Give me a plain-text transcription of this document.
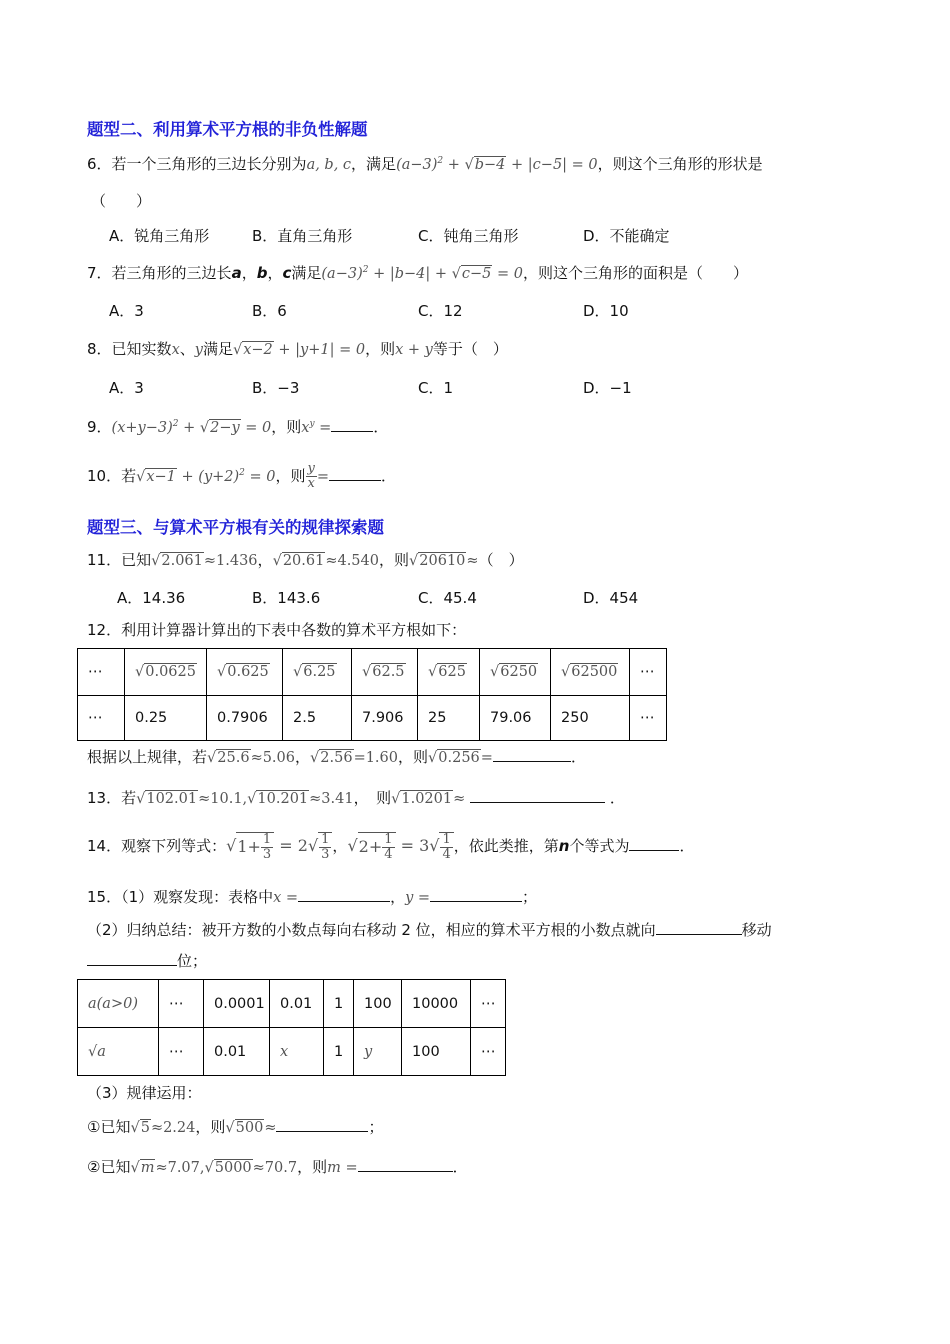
题型二、利用算术平方根的非负性解题
6．若一个三角形的三边长分别为a, b, c，满足$(a-3)^2 + √b-4 + |c-5| = 0$，则这个三角形的形状是
（　　）
A．锐角三角形	B．直角三角形	C．钝角三角形	D．不能确定
7．若三角形的三边长a，b，c满足$(a-3)^2 + |b-4| + √c-5 = 0$，则这个三角形的面积是（　　）
A．3	B．6	C．12	D．10
8．已知实数x、y满足√x−2 + |y+1| = 0，则x + y等于（　）
A．3	B．−3	C．1	D．−1
9．$(x+y-3)^2 + √2-y = 0$，则$x^y$ =	．
10．若$√x-1 + (y+2)^2 = 0$，则 $\frac{y}{x}$ =	．
题型三、与算术平方根有关的规律探索题
11．已知√2.061≈1.436，√20.61≈4.540，则√20610≈（　）
A．14.36	B．143.6	C．45.4	D．454
12．利用计算器计算出的下表中各数的算术平方根如下：
⋯	√0.0625	√0.625	√6.25	√62.5	√625	√6250	√62500	⋯
⋯	0.25	0.7906	2.5	7.906	25	79.06	250	⋯
根据以上规律，若√25.6≈5.06，√2.56=1.60，则√0.256=	．
13．若√102.01≈10.1,√10.201≈3.41，　则√1.0201≈	．
14．观察下列等式：$√1+ \frac{1}{3} = 2√ \frac{1}{3}$ ，$√2+ \frac{1}{4} = 3√ \frac{1}{4}$ ，依此类推，第n个等式为	．
15．（1）观察发现：表格中x =	，y =	；
（2）归纳总结：被开方数的小数点每向右移动 2 位，相应的算术平方根的小数点就向	移动
位；
a(a>0)	⋯	0.0001	0.01	1	100	10000	⋯
√a	⋯	0.01	x	1	y	100	⋯
（3）规律运用：
①已知√5≈2.24，则√500≈	；
②已知√m≈7.07,√5000≈70.7，则m =	．
